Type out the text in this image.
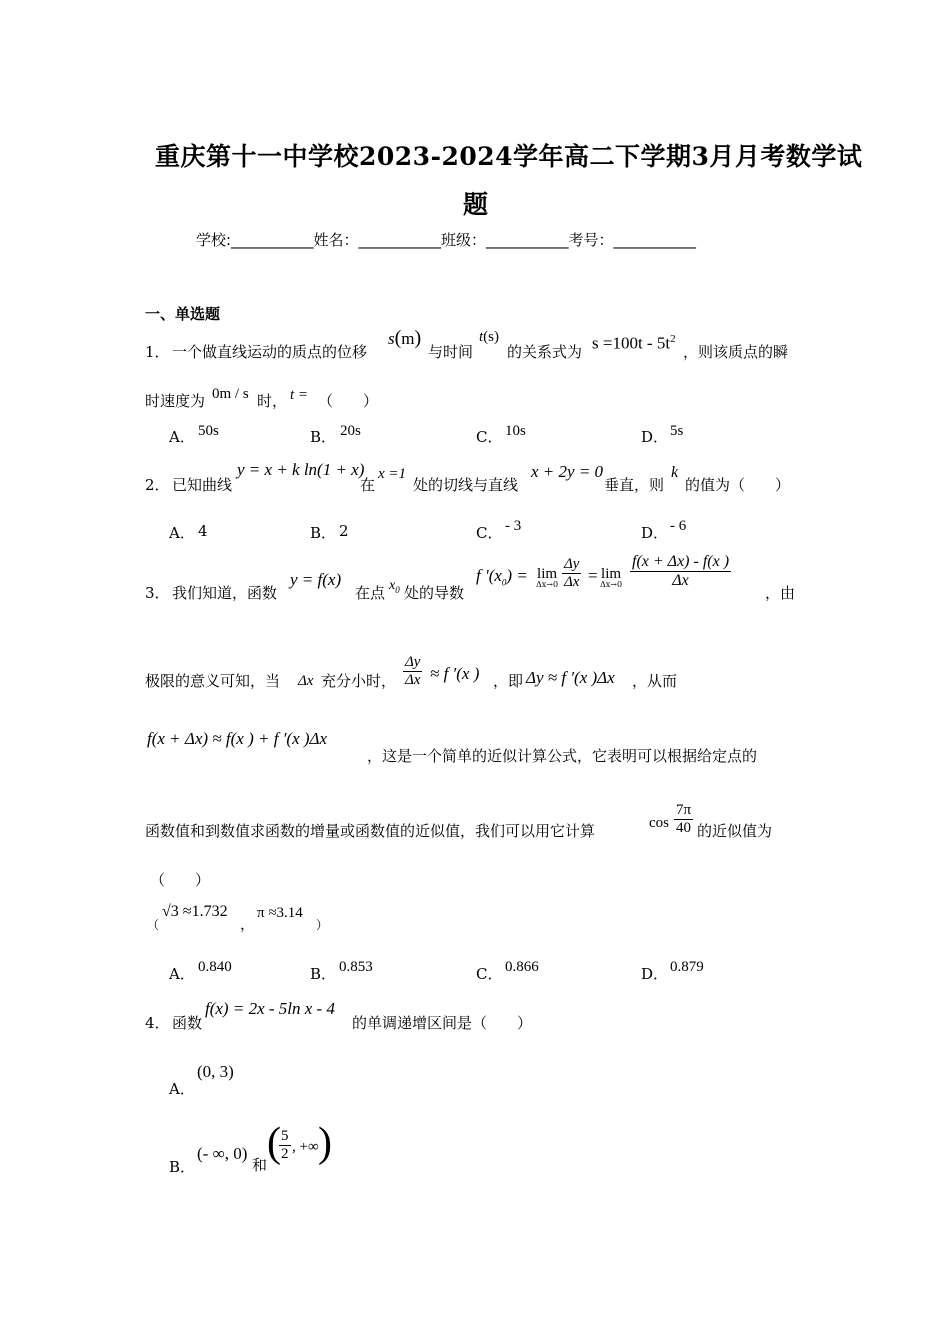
重庆第十一中学校2023-2024学年高二下学期3月月考数学试
题
学校:___________姓名：___________班级：___________考号：___________
一、单选题
1． 一个做直线运动的质点的位移
s(m)
与时间
t(s)
的关系式为 $s =100t - 5t^2$
，则该质点的瞬
时速度为 0m / s 时， t = （　　）
A． 50s	B． 20s	C． 10s	D． 5s
2． 已知曲线
y = x + k ln(1 + x)
在
x =1
处的切线与直线
x + 2y = 0
垂直，则
k
的值为（　　）
A． 4	B． 2	C． - 3	D． - 6
3． 我们知道，函数
y = f(x)
在点 $x_0$ 处的导数
f $'(x_0) = \lim$
$\Delta x\to 0 \frac{\Delta y}{\Delta x} = \lim$
$\Delta x\to 0 \frac{f(x + \Delta x) - f(x )}{\Delta x}$
，由
极限的意义可知，当 Δx 充分小时， $\frac{\Delta y}{\Delta x} \approx f$ ′(x ) ，即 Δy ≈ f ′(x )Δx ，从而
f(x + Δx) ≈ f(x ) + f ′(x )Δx
，这是一个简单的近似计算公式，它表明可以根据给定点的
函数值和到数值求函数的增量或函数值的近似值，我们可以用它计算	$\cos \frac{7\pi}{40}$ 的近似值为
（　　）
（
√3 ≈1.732
，
π ≈3.14
）
A． 0.840	B． 0.853	C． 0.866	D． 0.879
4． 函数
f(x) = 2x - 5ln x - 4
的单调递增区间是（　　）
A．
(0, 3)
B．
(- ∞, 0)
和 (
$\frac{5}{2}$ , +∞ )
